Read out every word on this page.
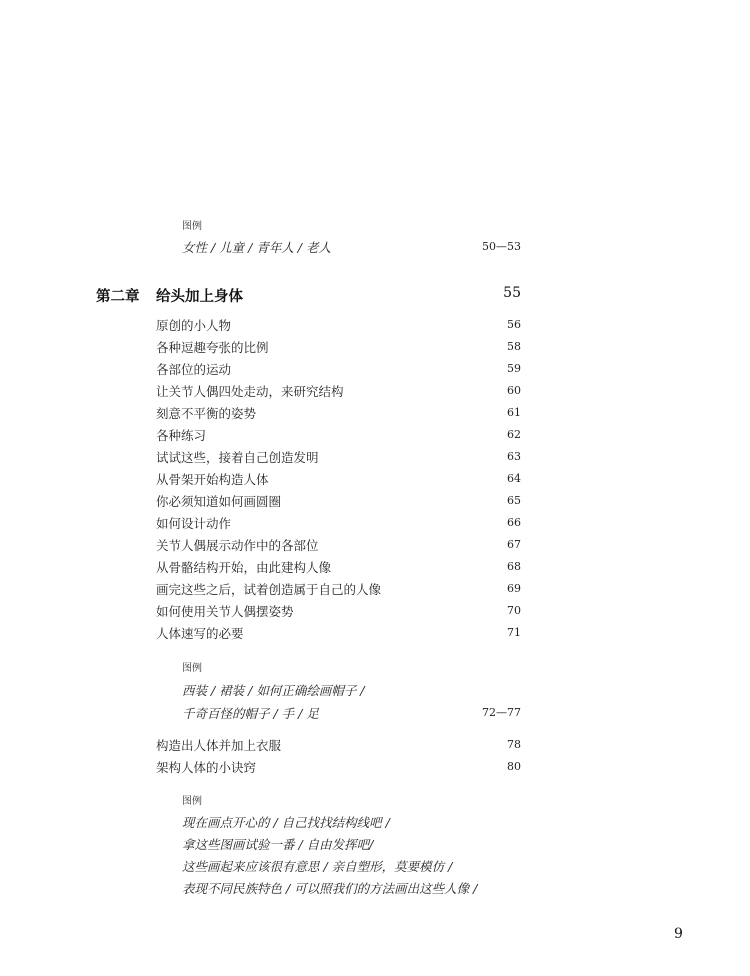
图例
女性 / 儿童 / 青年人 / 老人	50—53
第二章 给头加上身体	55
原创的小人物	56
各种逗趣夸张的比例	58
各部位的运动	59
让关节人偶四处走动，来研究结构	60
刻意不平衡的姿势	61
各种练习	62
试试这些，接着自己创造发明	63
从骨架开始构造人体	64
你必须知道如何画圆圈	65
如何设计动作	66
关节人偶展示动作中的各部位	67
从骨骼结构开始，由此建构人像	68
画完这些之后，试着创造属于自己的人像	69
如何使用关节人偶摆姿势	70
人体速写的必要	71
图例
西装 / 裙装 / 如何正确绘画帽子 /
千奇百怪的帽子 / 手 / 足	72—77
构造出人体并加上衣服	78
架构人体的小诀窍	80
图例
现在画点开心的 / 自己找找结构线吧 /
拿这些图画试验一番 / 自由发挥吧/
这些画起来应该很有意思 / 亲自塑形，莫要模仿 /
表现不同民族特色 / 可以照我们的方法画出这些人像 /
9
